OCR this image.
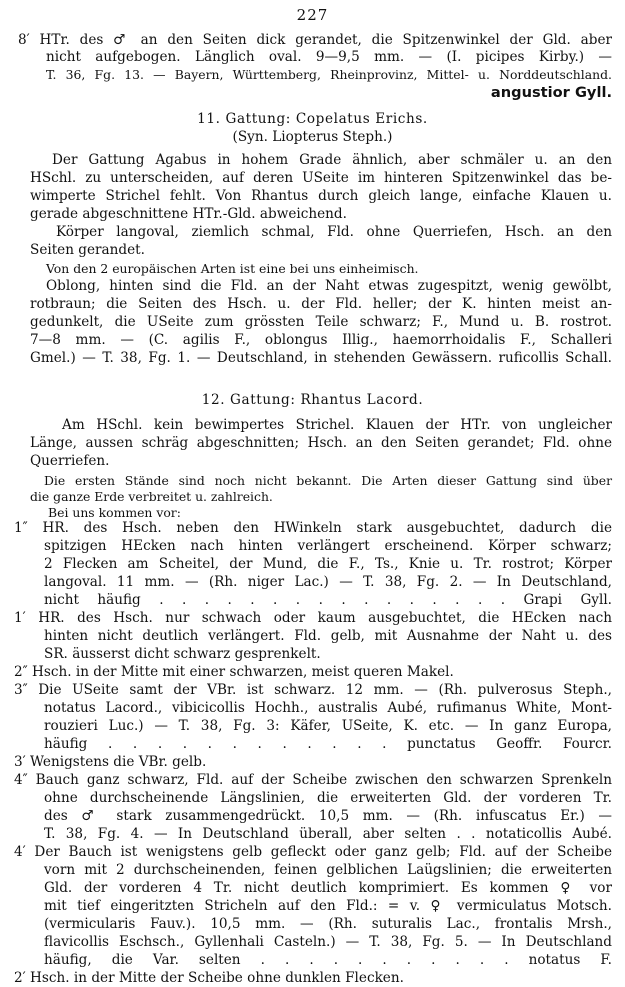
227
8′ HTr. des ♂ an den Seiten dick gerandet, die Spitzenwinkel der Gld. aber
nicht aufgebogen. Länglich oval. 9—9,5 mm. — (I. picipes Kirby.) —
T. 36, Fg. 13. — Bayern, Württemberg, Rheinprovinz, Mittel- u. Norddeutschland.
angustior Gyll.
11. Gattung: Copelatus Erichs.
(Syn. Liopterus Steph.)
Der Gattung Agabus in hohem Grade ähnlich, aber schmäler u. an den
HSchl. zu unterscheiden, auf deren USeite im hinteren Spitzenwinkel das be-
wimperte Strichel fehlt. Von Rhantus durch gleich lange, einfache Klauen u.
gerade abgeschnittene HTr.-Gld. abweichend.
Körper langoval, ziemlich schmal, Fld. ohne Querriefen, Hsch. an den
Seiten gerandet.
Von den 2 europäischen Arten ist eine bei uns einheimisch.
Oblong, hinten sind die Fld. an der Naht etwas zugespitzt, wenig gewölbt,
rotbraun; die Seiten des Hsch. u. der Fld. heller; der K. hinten meist an-
gedunkelt, die USeite zum grössten Teile schwarz; F., Mund u. B. rostrot.
7—8 mm. — (C. agilis F., oblongus Illig., haemorrhoidalis F., Schalleri
Gmel.) — T. 38, Fg. 1. — Deutschland, in stehenden Gewässern. ruficollis Schall.
12. Gattung: Rhantus Lacord.
Am HSchl. kein bewimpertes Strichel. Klauen der HTr. von ungleicher
Länge, aussen schräg abgeschnitten; Hsch. an den Seiten gerandet; Fld. ohne
Querriefen.
Die ersten Stände sind noch nicht bekannt. Die Arten dieser Gattung sind über
die ganze Erde verbreitet u. zahlreich.
Bei uns kommen vor:
1″ HR. des Hsch. neben den HWinkeln stark ausgebuchtet, dadurch die
spitzigen HEcken nach hinten verlängert erscheinend. Körper schwarz;
2 Flecken am Scheitel, der Mund, die F., Ts., Knie u. Tr. rostrot; Körper
langoval. 11 mm. — (Rh. niger Lac.) — T. 38, Fg. 2. — In Deutschland,
nicht häufig . . . . . . . . . . . . . . . . Grapi Gyll.
1′ HR. des Hsch. nur schwach oder kaum ausgebuchtet, die HEcken nach
hinten nicht deutlich verlängert. Fld. gelb, mit Ausnahme der Naht u. des
SR. äusserst dicht schwarz gesprenkelt.
2″ Hsch. in der Mitte mit einer schwarzen, meist queren Makel.
3″ Die USeite samt der VBr. ist schwarz. 12 mm. — (Rh. pulverosus Steph.,
notatus Lacord., vibicicollis Hochh., australis Aubé, rufimanus White, Mont-
rouzieri Luc.) — T. 38, Fg. 3: Käfer, USeite, K. etc. — In ganz Europa,
häufig . . . . . . . . . . . . punctatus Geoffr. Fourcr.
3′ Wenigstens die VBr. gelb.
4″ Bauch ganz schwarz, Fld. auf der Scheibe zwischen den schwarzen Sprenkeln
ohne durchscheinende Längslinien, die erweiterten Gld. der vorderen Tr.
des ♂ stark zusammengedrückt. 10,5 mm. — (Rh. infuscatus Er.) —
T. 38, Fg. 4. — In Deutschland überall, aber selten . . notaticollis Aubé.
4′ Der Bauch ist wenigstens gelb gefleckt oder ganz gelb; Fld. auf der Scheibe
vorn mit 2 durchscheinenden, feinen gelblichen Laügslinien; die erweiterten
Gld. der vorderen 4 Tr. nicht deutlich komprimiert. Es kommen ♀ vor
mit tief eingeritzten Stricheln auf den Fld.: = v. ♀ vermiculatus Motsch.
(vermicularis Fauv.). 10,5 mm. — (Rh. suturalis Lac., frontalis Mrsh.,
flavicollis Eschsch., Gyllenhali Casteln.) — T. 38, Fg. 5. — In Deutschland
häufig, die Var. selten . . . . . . . . . . . notatus F.
2′ Hsch. in der Mitte der Scheibe ohne dunklen Flecken.
